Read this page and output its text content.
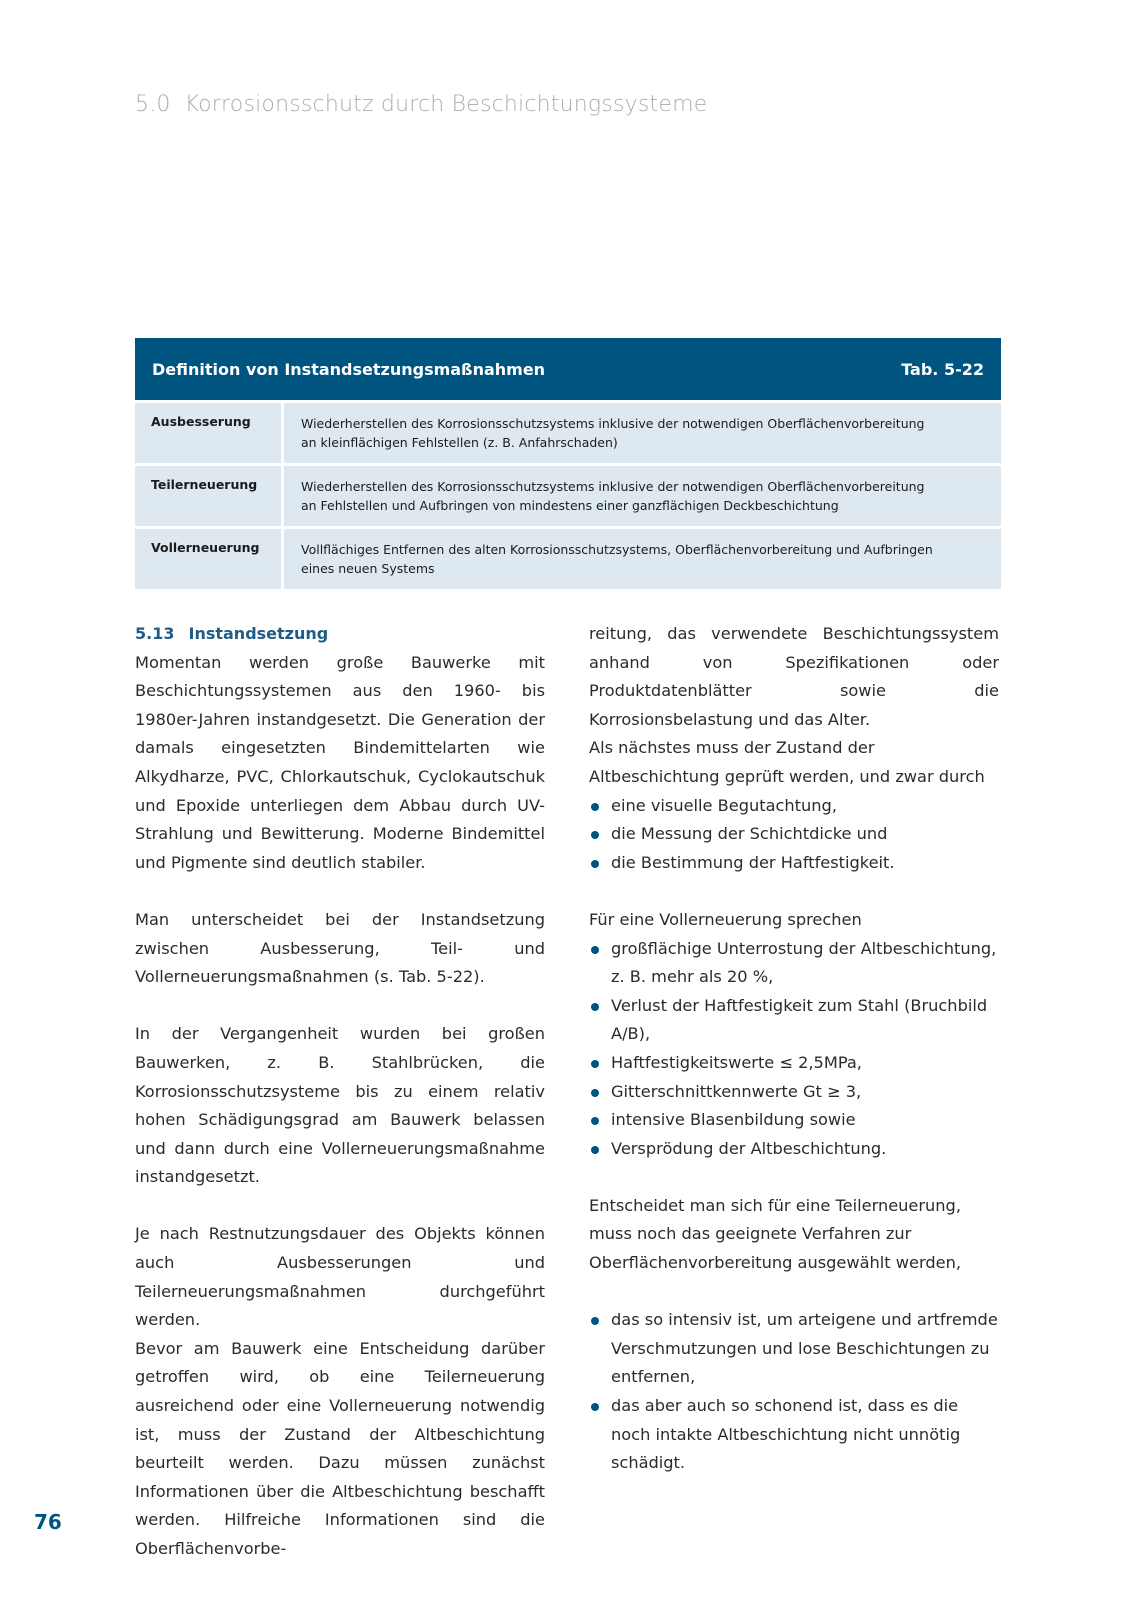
5.0 Korrosionsschutz durch Beschichtungssysteme
Definition von Instandsetzungsmaßnahmen	Tab. 5-22
Ausbesserung	Wiederherstellen des Korrosionsschutzsystems inklusive der notwendigen Oberflächenvorbereitung
an kleinflächigen Fehlstellen (z. B. Anfahrschaden)
Teilerneuerung	Wiederherstellen des Korrosionsschutzsystems inklusive der notwendigen Oberflächenvorbereitung
an Fehlstellen und Aufbringen von mindestens einer ganzflächigen Deckbeschichtung
Vollerneuerung	Vollflächiges Entfernen des alten Korrosionsschutzsystems, Oberflächenvorbereitung und Aufbringen
eines neuen Systems
5.13 Instandsetzung

Momentan werden große Bauwerke mit Beschichtungssystemen aus den 1960- bis 1980er-Jahren instandgesetzt. Die Generation der damals eingesetzten Bindemittelarten wie Alkydharze, PVC, Chlorkautschuk, Cyclokautschuk und Epoxide unterliegen dem Abbau durch UV-Strahlung und Bewitterung. Moderne Bindemittel und Pigmente sind deutlich stabiler.

Man unterscheidet bei der Instandsetzung zwischen Ausbesserung, Teil- und Vollerneuerungsmaßnahmen (s. Tab. 5-22).

In der Vergangenheit wurden bei großen Bauwerken, z. B. Stahlbrücken, die Korrosionsschutzsysteme bis zu einem relativ hohen Schädigungsgrad am Bauwerk belassen und dann durch eine Vollerneuerungsmaßnahme instandgesetzt.

Je nach Restnutzungsdauer des Objekts können auch Ausbesserungen und Teilerneuerungsmaßnahmen durchgeführt werden.

Bevor am Bauwerk eine Entscheidung darüber getroffen wird, ob eine Teilerneuerung ausreichend oder eine Vollerneuerung notwendig ist, muss der Zustand der Altbeschichtung beurteilt werden. Dazu müssen zunächst Informationen über die Altbeschichtung beschafft werden. Hilfreiche Informationen sind die Oberflächenvorbe-

reitung, das verwendete Beschichtungssystem anhand von Spezifikationen oder Produktdatenblätter sowie die Korrosionsbelastung und das Alter.

Als nächstes muss der Zustand der Altbeschichtung geprüft werden, und zwar durch

eine visuelle Begutachtung,
die Messung der Schichtdicke und
die Bestimmung der Haftfestigkeit.

Für eine Vollerneuerung sprechen

großflächige Unterrostung der Altbeschichtung, z. B. mehr als 20 %,
Verlust der Haftfestigkeit zum Stahl (Bruchbild A/B),
Haftfestigkeitswerte ≤ 2,5MPa,
Gitterschnittkennwerte Gt ≥ 3,
intensive Blasenbildung sowie
Versprödung der Altbeschichtung.

Entscheidet man sich für eine Teilerneuerung, muss noch das geeignete Verfahren zur Oberflächenvorbereitung ausgewählt werden,

das so intensiv ist, um arteigene und artfremde Verschmutzungen und lose Beschichtungen zu entfernen,
das aber auch so schonend ist, dass es die noch intakte Altbeschichtung nicht unnötig schädigt.
76
